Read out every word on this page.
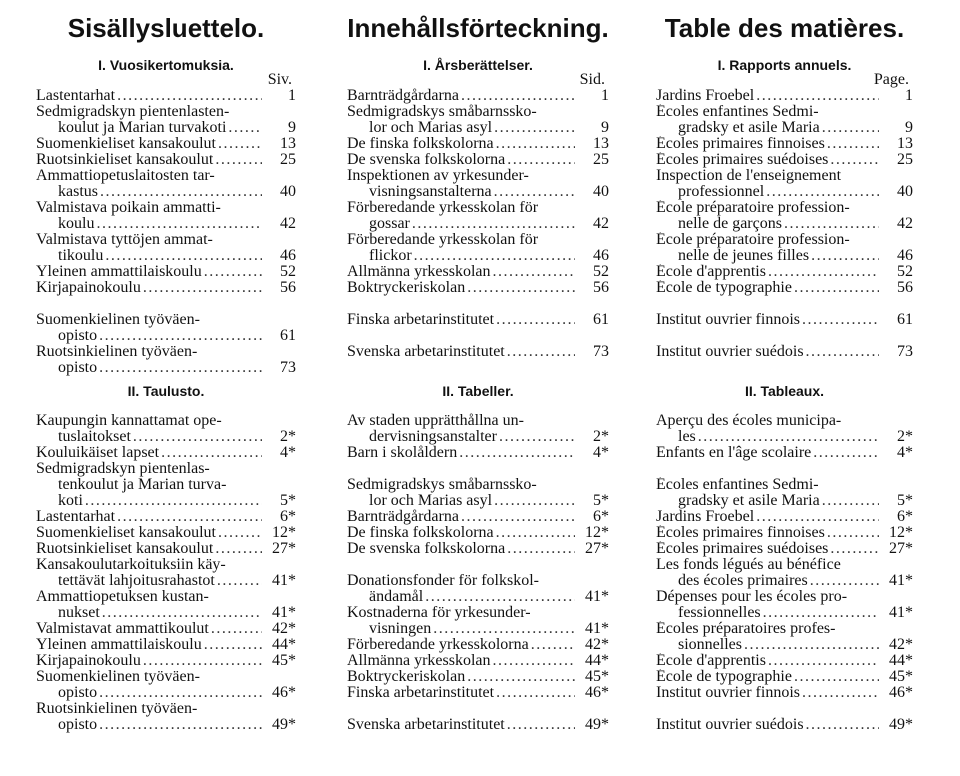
Sisällysluettelo.
I. Vuosikertomuksia.
Siv.
Lastentarhat .....	1
Sedmigradskyn pientenlasten-
koulut ja Marian turvakoti .....	9
Suomenkieliset kansakoulut .....	13
Ruotsinkieliset kansakoulut .....	25
Ammattiopetuslaitosten tar-
kastus .....	40
Valmistava poikain ammatti-
koulu .....	42
Valmistava tyttöjen ammat-
tikoulu .....	46
Yleinen ammattilaiskoulu .....	52
Kirjapainokoulu .....	56
Suomenkielinen työväen-
opisto .....	61
Ruotsinkielinen työväen-
opisto .....	73
II. Taulusto.
Kaupungin kannattamat ope-
tuslaitokset .....	2*
Kouluikäiset lapset .....	4*
Sedmigradskyn pientenlas-
tenkoulut ja Marian turva-
koti .....	5*
Lastentarhat .....	6*
Suomenkieliset kansakoulut .....	12*
Ruotsinkieliset kansakoulut .....	27*
Kansakoulutarkoituksiin käy-
tettävät lahjoitusrahastot .....	41*
Ammattiopetuksen kustan-
nukset .....	41*
Valmistavat ammattikoulut .....	42*
Yleinen ammattilaiskoulu .....	44*
Kirjapainokoulu .....	45*
Suomenkielinen työväen-
opisto .....	46*
Ruotsinkielinen työväen-
opisto .....	49*
Innehållsförteckning.
I. Årsberättelser.
Sid.
Barnträdgårdarna .....	1
Sedmigradskys småbarnssko-
lor och Marias asyl .....	9
De finska folkskolorna .....	13
De svenska folkskolorna .....	25
Inspektionen av yrkesunder-
visningsanstalterna .....	40
Förberedande yrkesskolan för
gossar .....	42
Förberedande yrkesskolan för
flickor .....	46
Allmänna yrkesskolan .....	52
Boktryckeriskolan .....	56
Finska arbetarinstitutet .....	61
Svenska arbetarinstitutet .....	73
II. Tabeller.
Av staden upprätthållna un-
dervisningsanstalter .....	2*
Barn i skolåldern .....	4*
Sedmigradskys småbarnssko-
lor och Marias asyl .....	5*
Barnträdgårdarna .....	6*
De finska folkskolorna .....	12*
De svenska folkskolorna .....	27*
Donationsfonder för folkskol-
ändamål .....	41*
Kostnaderna för yrkesunder-
visningen .....	41*
Förberedande yrkesskolorna .....	42*
Allmänna yrkesskolan .....	44*
Boktryckeriskolan .....	45*
Finska arbetarinstitutet .....	46*
Svenska arbetarinstitutet .....	49*
Table des matières.
I. Rapports annuels.
Page.
Jardins Froebel .....	1
Écoles enfantines Sedmi-
gradsky et asile Maria .....	9
Écoles primaires finnoises .....	13
Écoles primaires suédoises .....	25
Inspection de l'enseignement
professionnel .....	40
École préparatoire profession-
nelle de garçons .....	42
École préparatoire profession-
nelle de jeunes filles .....	46
École d'apprentis .....	52
École de typographie .....	56
Institut ouvrier finnois .....	61
Institut ouvrier suédois .....	73
II. Tableaux.
Aperçu des écoles municipa-
les .....	2*
Enfants en l'âge scolaire .....	4*
Écoles enfantines Sedmi-
gradsky et asile Maria .....	5*
Jardins Froebel .....	6*
Écoles primaires finnoises .....	12*
Écoles primaires suédoises .....	27*
Les fonds légués au bénéfice
des écoles primaires .....	41*
Dépenses pour les écoles pro-
fessionnelles .....	41*
Écoles préparatoires profes-
sionnelles .....	42*
École d'apprentis .....	44*
École de typographie .....	45*
Institut ouvrier finnois .....	46*
Institut ouvrier suédois .....	49*
